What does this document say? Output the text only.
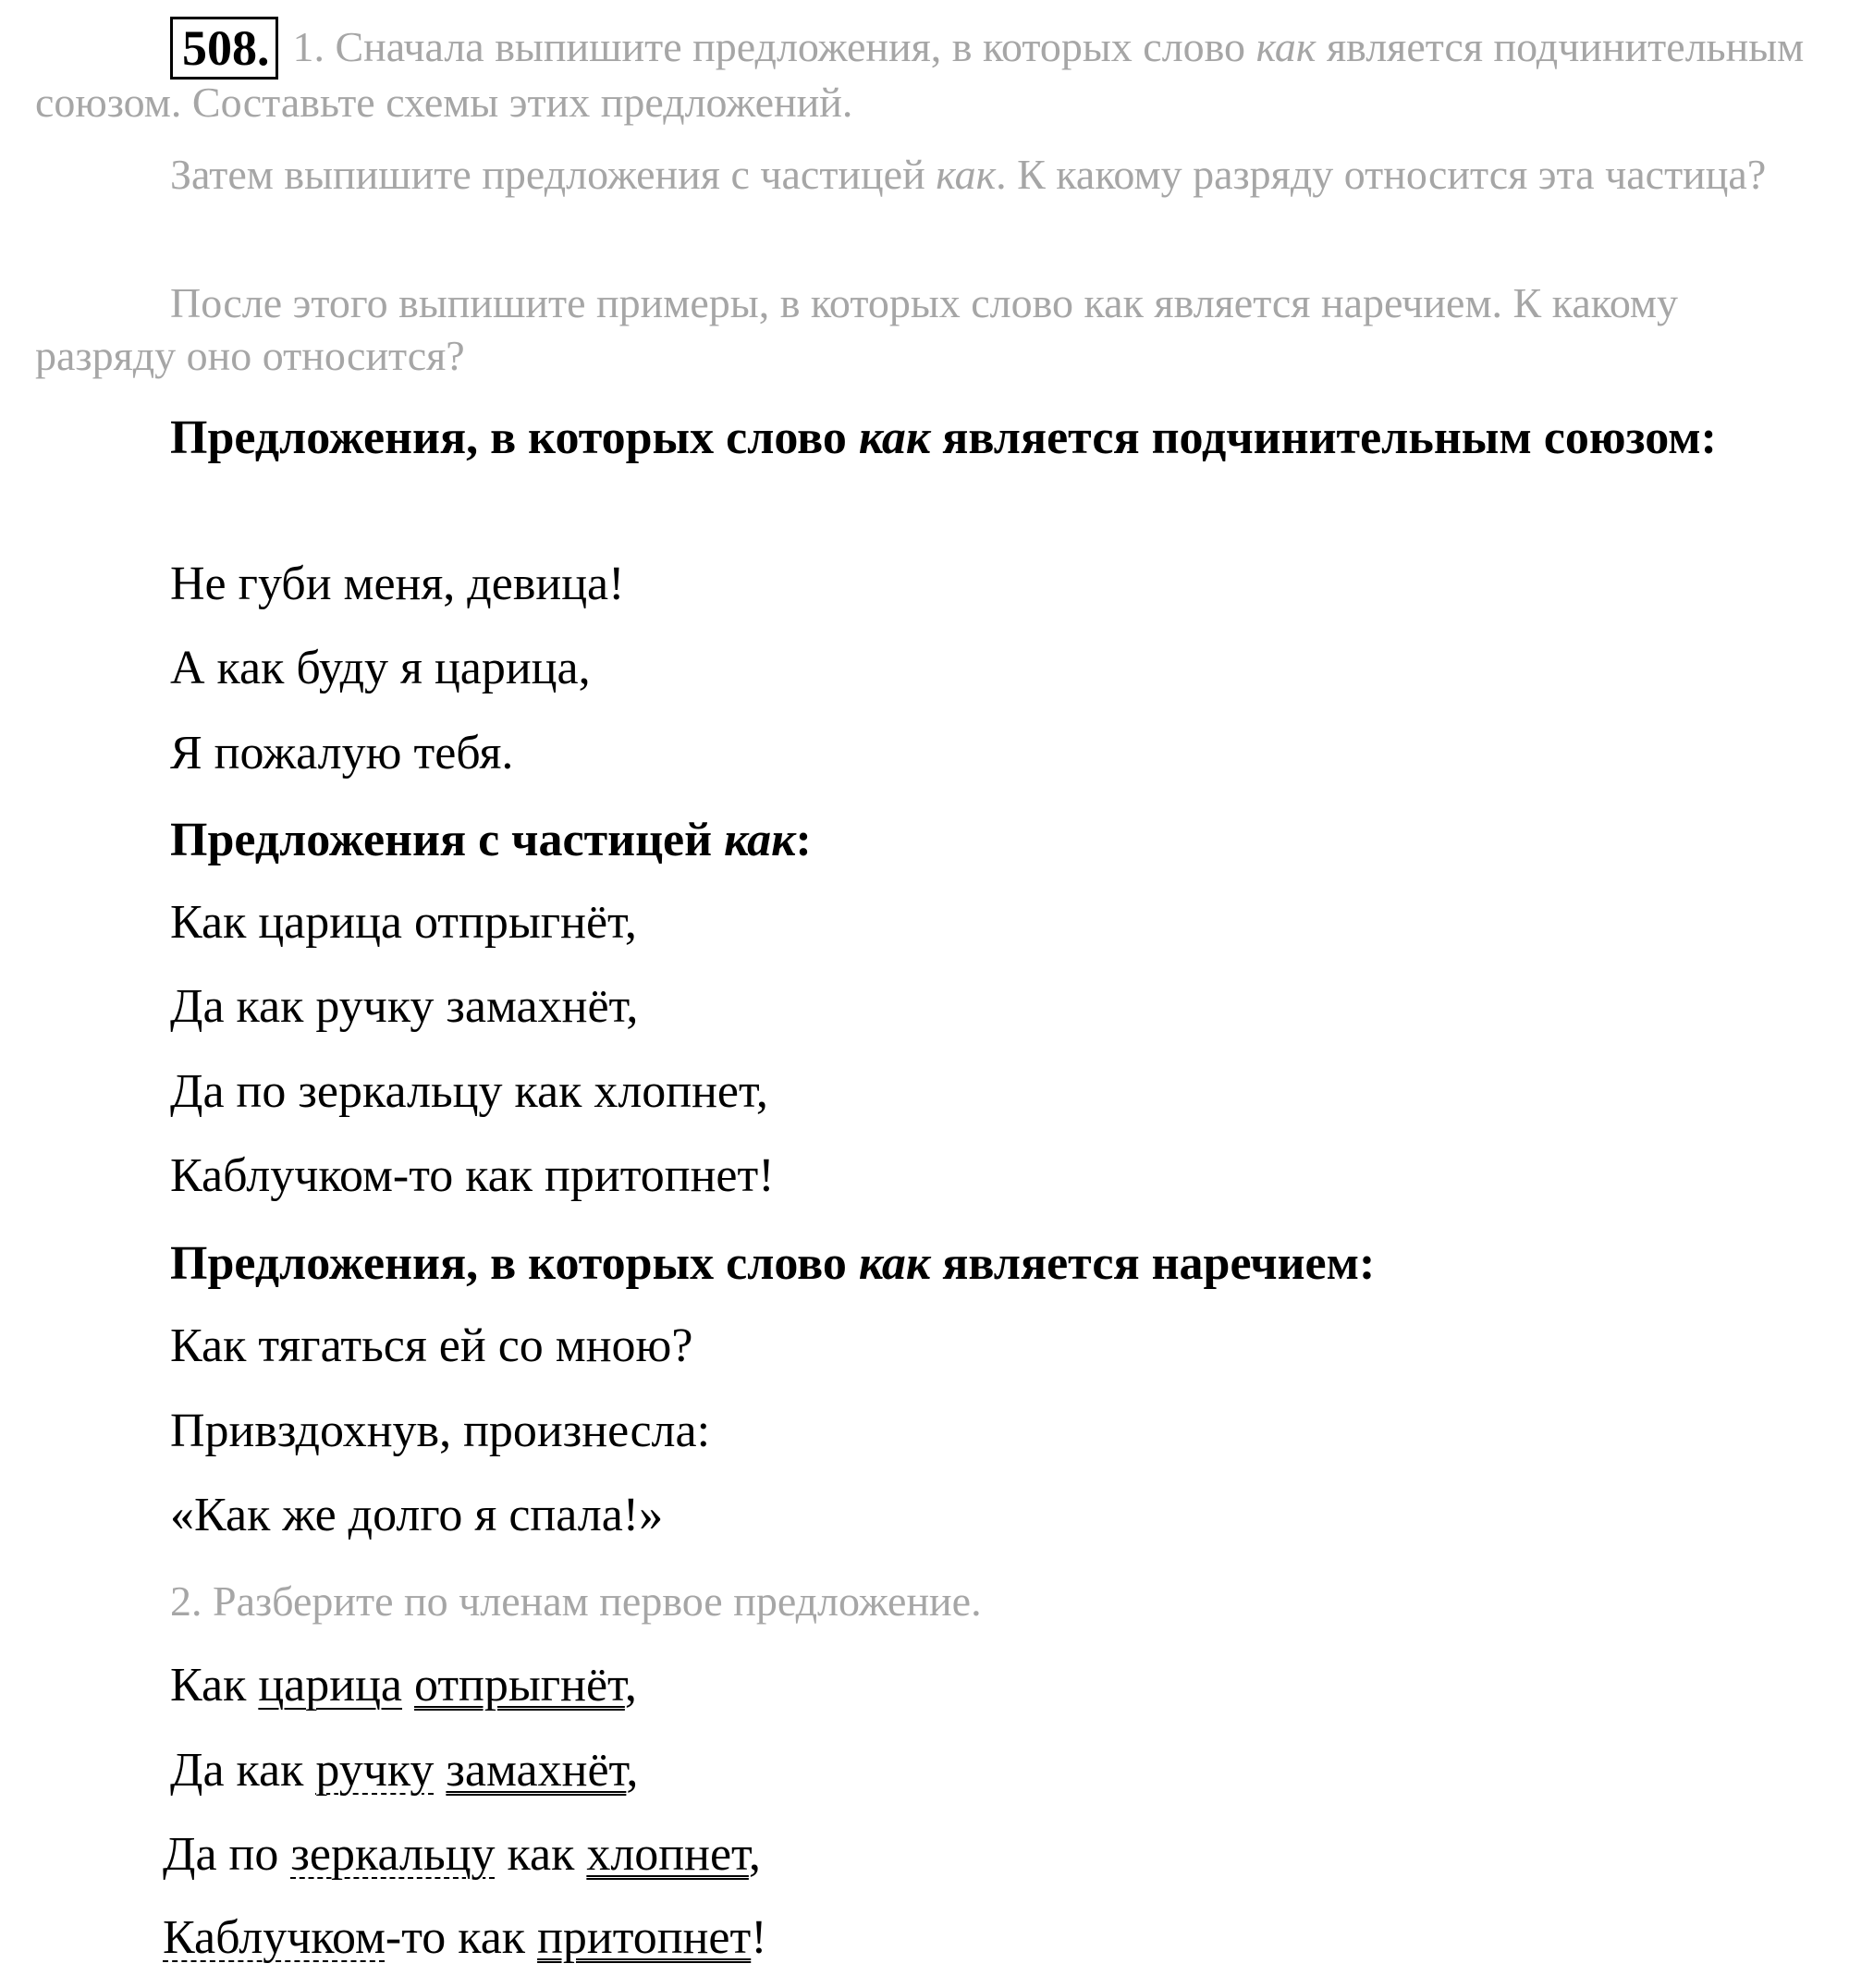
508. 1. Сначала выпишите предложения, в которых слово как является подчинительным союзом. Составьте схемы этих предложений.

Затем выпишите предложения с частицей как. К какому разряду относится эта частица?

После этого выпишите примеры, в которых слово как является наречием. К какому разряду оно относится?

Предложения, в которых слово как является подчинительным союзом:

Не губи меня, девица!

А как буду я царица,

Я пожалую тебя.

Предложения с частицей как:

Как царица отпрыгнёт,

Да как ручку замахнёт,

Да по зеркальцу как хлопнет,

Каблучком-то как притопнет!

Предложения, в которых слово как является наречием:

Как тягаться ей со мною?

Привздохнув, произнесла:

«Как же долго я спала!»

2. Разберите по членам первое предложение.

Как царица отпрыгнёт,

Да как ручку замахнёт,

Да по зеркальцу как хлопнет,

Каблучком-то как притопнет!
